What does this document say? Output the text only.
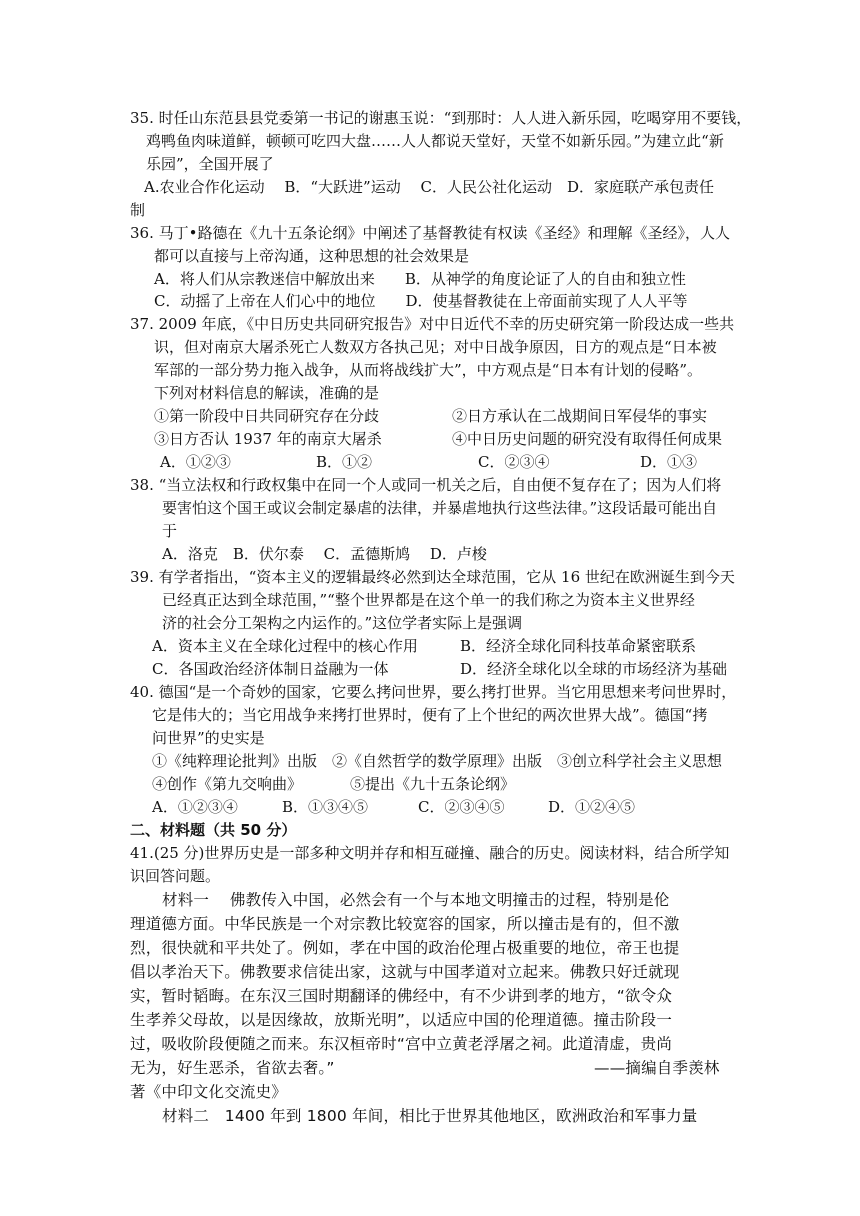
35. 时任山东范县县党委第一书记的谢惠玉说：“到那时：人人进入新乐园，吃喝穿用不要钱，
鸡鸭鱼肉味道鲜，顿顿可吃四大盘……人人都说天堂好，天堂不如新乐园。”为建立此“新
乐园”，全国开展了
A.农业合作化运动　 B．“大跃进”运动　 C．人民公社化运动　D．家庭联产承包责任
制
36. 马丁•路德在《九十五条论纲》中阐述了基督教徒有权读《圣经》和理解《圣经》，人人
都可以直接与上帝沟通，这种思想的社会效果是
A．将人们从宗教迷信中解放出来　　B．从神学的角度论证了人的自由和独立性
C．动摇了上帝在人们心中的地位　　D．使基督教徒在上帝面前实现了人人平等
37. 2009 年底，《中日历史共同研究报告》对中日近代不幸的历史研究第一阶段达成一些共
识，但对南京大屠杀死亡人数双方各执己见；对中日战争原因，日方的观点是“日本被
军部的一部分势力拖入战争，从而将战线扩大”，中方观点是“日本有计划的侵略”。
下列对材料信息的解读，准确的是
①第一阶段中日共同研究存在分歧	②日方承认在二战期间日军侵华的事实
③日方否认 1937 年的南京大屠杀	④中日历史问题的研究没有取得任何成果
A．①②③	B．①②	C．②③④	D．①③
38. “当立法权和行政权集中在同一个人或同一机关之后，自由便不复存在了；因为人们将
要害怕这个国王或议会制定暴虐的法律，并暴虐地执行这些法律。”这段话最可能出自
于
A．洛克　B．伏尔泰　 C．孟德斯鸠　 D．卢梭
39. 有学者指出，“资本主义的逻辑最终必然到达全球范围，它从 16 世纪在欧洲诞生到今天
已经真正达到全球范围，”“整个世界都是在这个单一的我们称之为资本主义世界经
济的社会分工架构之内运作的。”这位学者实际上是强调
A．资本主义在全球化过程中的核心作用	B．经济全球化同科技革命紧密联系
C．各国政治经济体制日益融为一体	D．经济全球化以全球的市场经济为基础
40. 德国“是一个奇妙的国家，它要么拷问世界，要么拷打世界。当它用思想来考问世界时，
它是伟大的；当它用战争来拷打世界时，便有了上个世纪的两次世界大战”。德国“拷
问世界”的史实是
①《纯粹理论批判》出版　②《自然哲学的数学原理》出版　③创立科学社会主义思想
④创作《第九交响曲》	⑤提出《九十五条论纲》
A．①②③④	B．①③④⑤	C．②③④⑤	D．①②④⑤
二、材料题（共 50 分）
41.(25 分)世界历史是一部多种文明并存和相互碰撞、融合的历史。阅读材料，结合所学知
识回答问题。
材料一　 佛教传入中国，必然会有一个与本地文明撞击的过程，特别是伦
理道德方面。中华民族是一个对宗教比较宽容的国家，所以撞击是有的，但不激
烈，很快就和平共处了。例如，孝在中国的政治伦理占极重要的地位，帝王也提
倡以孝治天下。佛教要求信徒出家，这就与中国孝道对立起来。佛教只好迁就现
实，暂时韬晦。在东汉三国时期翻译的佛经中，有不少讲到孝的地方，“欲令众
生孝养父母故，以是因缘故，放斯光明”，以适应中国的伦理道德。撞击阶段一
过，吸收阶段便随之而来。东汉桓帝时“宫中立黄老浮屠之祠。此道清虚，贵尚
无为，好生恶杀，省欲去奢。”	——摘编自季羡林
著《中印文化交流史》
材料二　1400 年到 1800 年间，相比于世界其他地区，欧洲政治和军事力量
